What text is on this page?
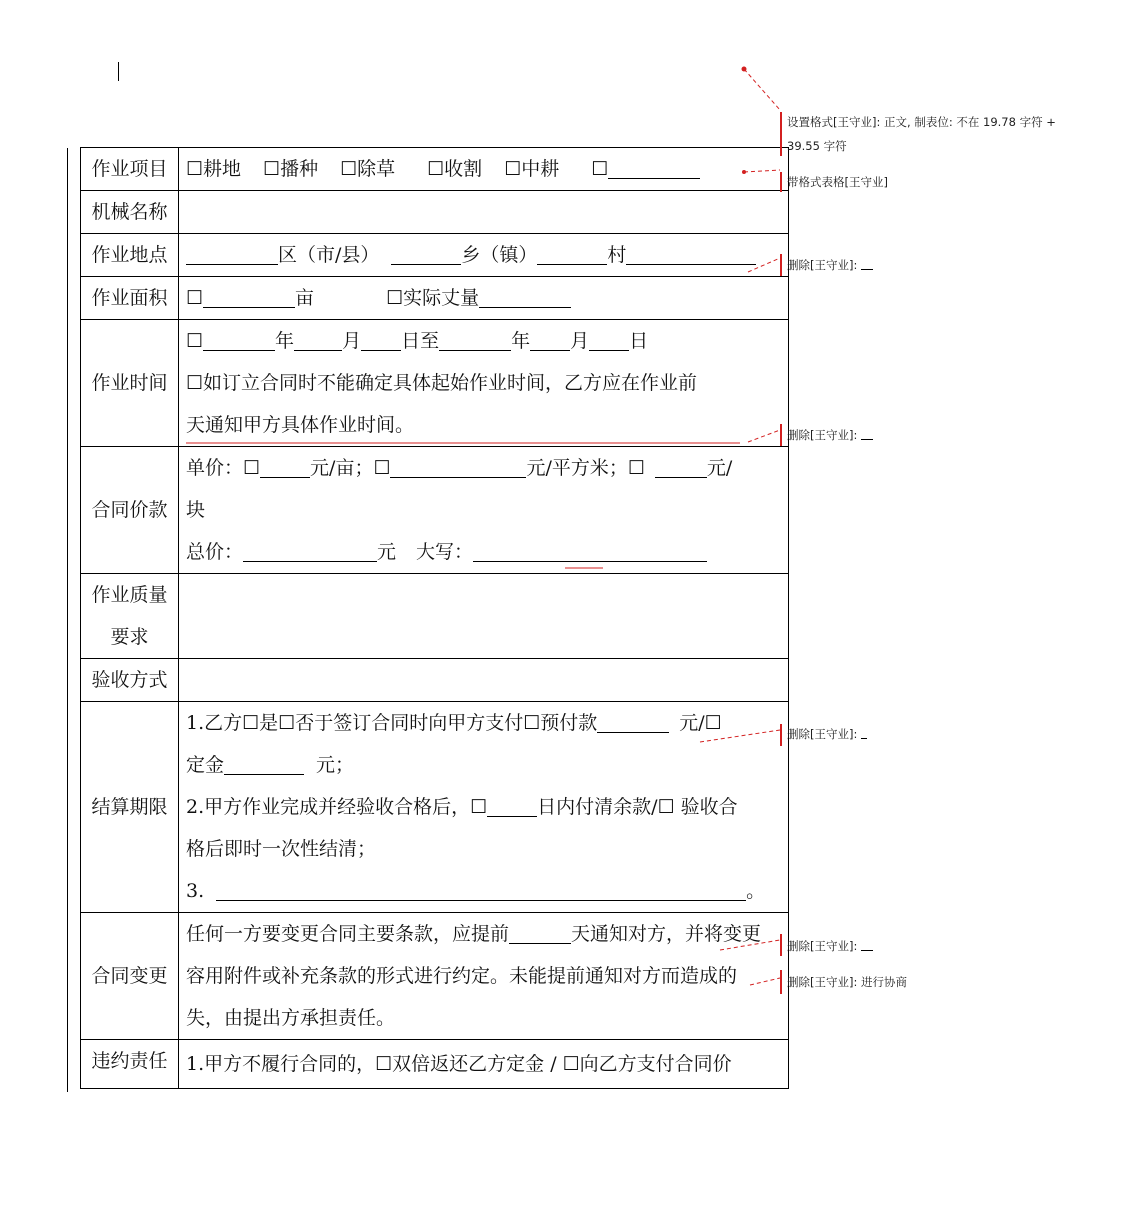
作业项目	☐耕地 ☐播种 ☐除草 ☐收割 ☐中耕 ☐

机械名称	

作业地点	区（市/县） 乡（镇） 村

作业面积	☐ 亩 ☐实际丈量

作业时间	☐ 年 月 日至 年 月 日
☐如订立合同时不能确定具体起始作业时间，乙方应在作业前
天通知甲方具体作业时间。

合同价款	单价：☐ 元/亩；☐ 元/平方米；☐ 元/
块
总价： 元 大写：

作业质量
要求	

验收方式	

结算期限	1.乙方☐是☐否于签订合同时向甲方支付☐预付款 元/☐
定金 元；
2.甲方作业完成并经验收合格后，☐ 日内付清余款/☐ 验收合
格后即时一次性结清；
3. 。

合同变更	任何一方要变更合同主要条款，应提前 天通知对方，并将变更
容用附件或补充条款的形式进行约定。未能提前通知对方而造成的
失，由提出方承担责任。

违约责任	1.甲方不履行合同的，☐双倍返还乙方定金 / ☐向乙方支付合同价
设置格式[王守业]: 正文, 制表位: 不在 19.78 字符 +
39.55 字符
带格式表格[王守业]
删除[王守业]:
删除[王守业]:
删除[王守业]:
删除[王守业]:
删除[王守业]: 进行协商
